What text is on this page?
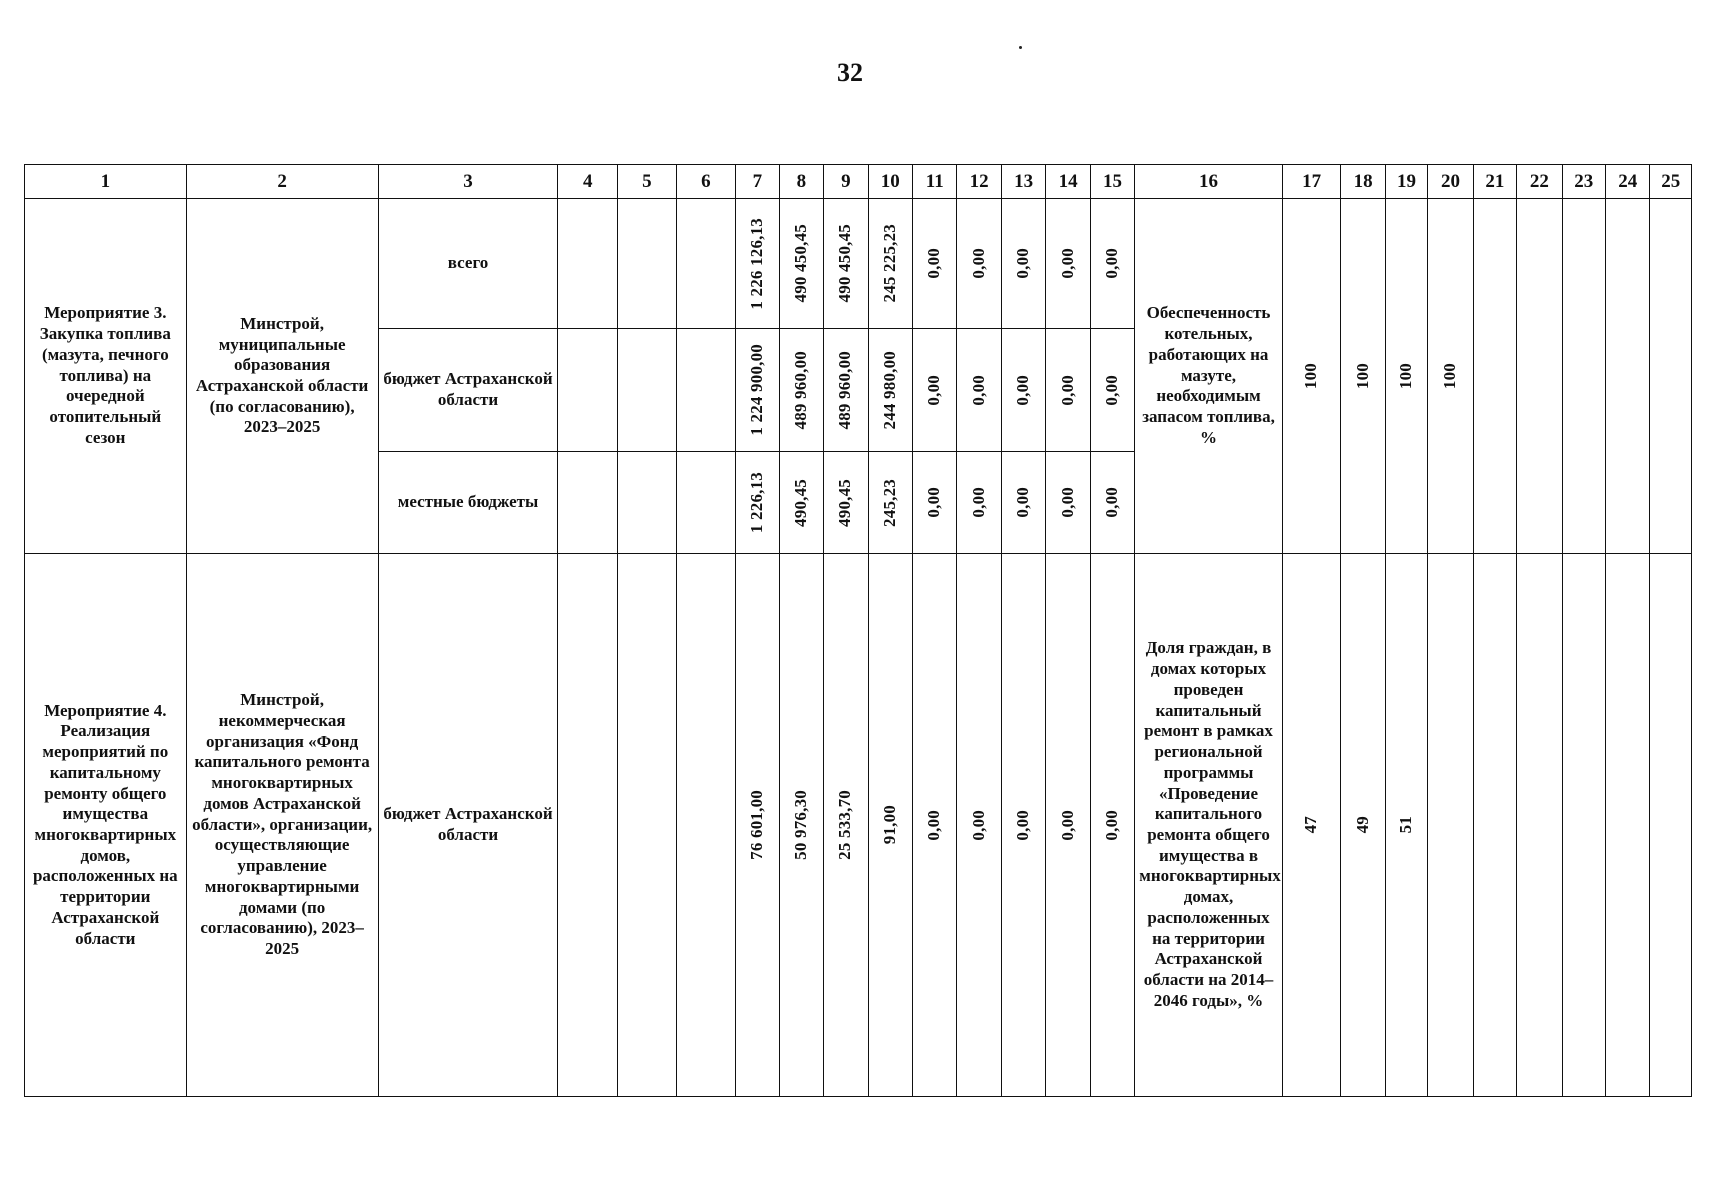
32
1	2	3	4	5	6	7	8	9	10	11	12	13	14	15	16	17	18	19	20	21	22	23	24	25

Мероприятие 3. Закупка топлива (мазута, печного топлива) на очередной отопительный сезон	Минстрой, муниципальные образования Астраханской области (по согласованию), 2023–2025	всего				1 226 126,13	490 450,45	490 450,45	245 225,23	0,00	0,00	0,00	0,00	0,00	Обеспеченность котельных, работающих на мазуте, необходимым запасом топлива, %	100	100	100	100					

		бюджет Астраханской области				1 224 900,00	489 960,00	489 960,00	244 980,00	0,00	0,00	0,00	0,00	0,00										

		местные бюджеты				1 226,13	490,45	490,45	245,23	0,00	0,00	0,00	0,00	0,00										

Мероприятие 4. Реализация мероприятий по капитальному ремонту общего имущества многоквартирных домов, расположенных на территории Астраханской области	Минстрой, некоммерческая организация «Фонд капитального ремонта многоквартирных домов Астраханской области», организации, осуществляющие управление многоквартирными домами (по согласованию), 2023–2025	бюджет Астраханской области				76 601,00	50 976,30	25 533,70	91,00	0,00	0,00	0,00	0,00	0,00	Доля граждан, в домах которых проведен капитальный ремонт в рамках региональной программы «Проведение капитального ремонта общего имущества в многоквартирных домах, расположенных на территории Астраханской области на 2014–2046 годы», %	47	49	51						
